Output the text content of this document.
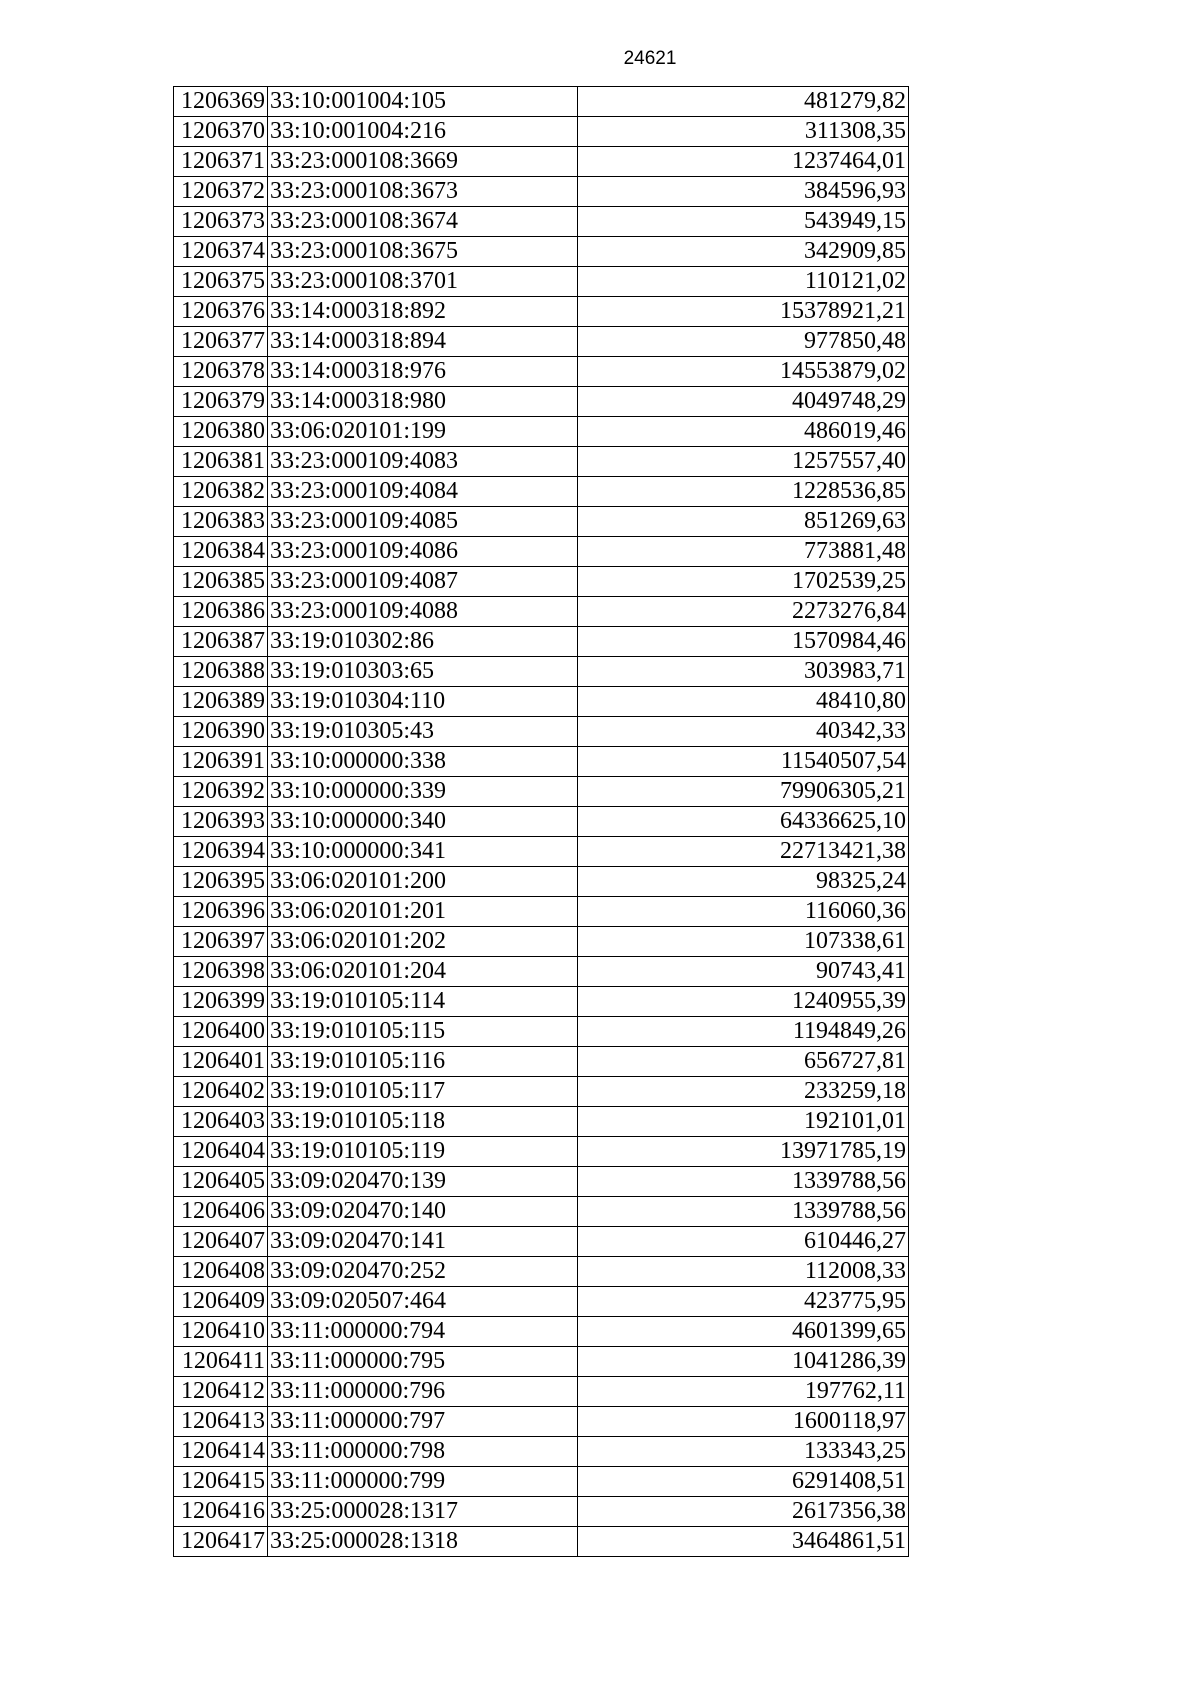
24621
1206369	33:10:001004:105	481279,82
1206370	33:10:001004:216	311308,35
1206371	33:23:000108:3669	1237464,01
1206372	33:23:000108:3673	384596,93
1206373	33:23:000108:3674	543949,15
1206374	33:23:000108:3675	342909,85
1206375	33:23:000108:3701	110121,02
1206376	33:14:000318:892	15378921,21
1206377	33:14:000318:894	977850,48
1206378	33:14:000318:976	14553879,02
1206379	33:14:000318:980	4049748,29
1206380	33:06:020101:199	486019,46
1206381	33:23:000109:4083	1257557,40
1206382	33:23:000109:4084	1228536,85
1206383	33:23:000109:4085	851269,63
1206384	33:23:000109:4086	773881,48
1206385	33:23:000109:4087	1702539,25
1206386	33:23:000109:4088	2273276,84
1206387	33:19:010302:86	1570984,46
1206388	33:19:010303:65	303983,71
1206389	33:19:010304:110	48410,80
1206390	33:19:010305:43	40342,33
1206391	33:10:000000:338	11540507,54
1206392	33:10:000000:339	79906305,21
1206393	33:10:000000:340	64336625,10
1206394	33:10:000000:341	22713421,38
1206395	33:06:020101:200	98325,24
1206396	33:06:020101:201	116060,36
1206397	33:06:020101:202	107338,61
1206398	33:06:020101:204	90743,41
1206399	33:19:010105:114	1240955,39
1206400	33:19:010105:115	1194849,26
1206401	33:19:010105:116	656727,81
1206402	33:19:010105:117	233259,18
1206403	33:19:010105:118	192101,01
1206404	33:19:010105:119	13971785,19
1206405	33:09:020470:139	1339788,56
1206406	33:09:020470:140	1339788,56
1206407	33:09:020470:141	610446,27
1206408	33:09:020470:252	112008,33
1206409	33:09:020507:464	423775,95
1206410	33:11:000000:794	4601399,65
1206411	33:11:000000:795	1041286,39
1206412	33:11:000000:796	197762,11
1206413	33:11:000000:797	1600118,97
1206414	33:11:000000:798	133343,25
1206415	33:11:000000:799	6291408,51
1206416	33:25:000028:1317	2617356,38
1206417	33:25:000028:1318	3464861,51
